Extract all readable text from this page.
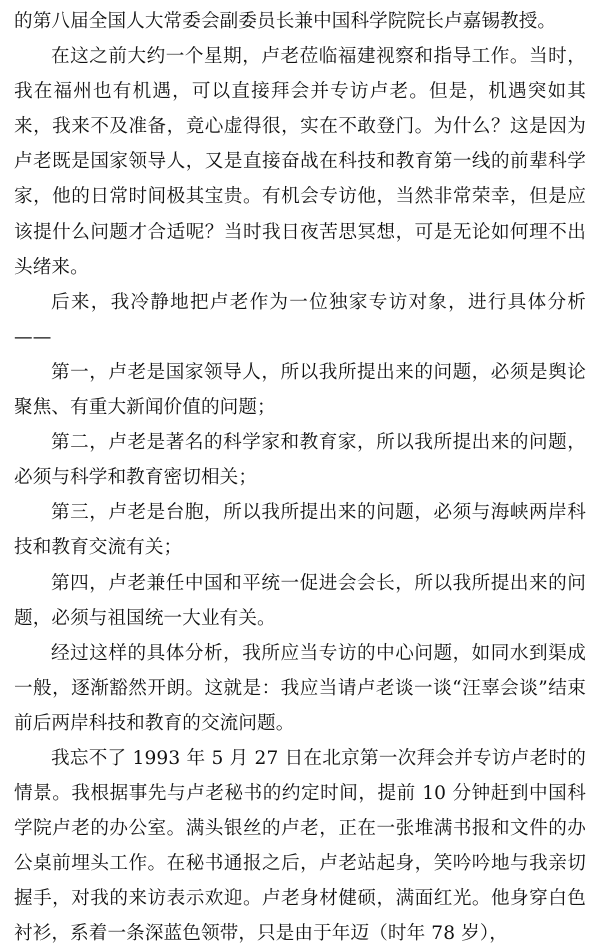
的第八届全国人大常委会副委员长兼中国科学院院长卢嘉锡教授。

在这之前大约一个星期，卢老莅临福建视察和指导工作。当时，我在福州也有机遇，可以直接拜会并专访卢老。但是，机遇突如其来，我来不及准备，竟心虚得很，实在不敢登门。为什么？这是因为卢老既是国家领导人，又是直接奋战在科技和教育第一线的前辈科学家，他的日常时间极其宝贵。有机会专访他，当然非常荣幸，但是应该提什么问题才合适呢？当时我日夜苦思冥想，可是无论如何理不出头绪来。

后来，我冷静地把卢老作为一位独家专访对象，进行具体分析——

第一，卢老是国家领导人，所以我所提出来的问题，必须是舆论聚焦、有重大新闻价值的问题；

第二，卢老是著名的科学家和教育家，所以我所提出来的问题，必须与科学和教育密切相关；

第三，卢老是台胞，所以我所提出来的问题，必须与海峡两岸科技和教育交流有关；

第四，卢老兼任中国和平统一促进会会长，所以我所提出来的问题，必须与祖国统一大业有关。

经过这样的具体分析，我所应当专访的中心问题，如同水到渠成一般，逐渐豁然开朗。这就是：我应当请卢老谈一谈“汪辜会谈”结束前后两岸科技和教育的交流问题。

我忘不了 1993 年 5 月 27 日在北京第一次拜会并专访卢老时的情景。我根据事先与卢老秘书的约定时间，提前 10 分钟赶到中国科学院卢老的办公室。满头银丝的卢老，正在一张堆满书报和文件的办公桌前埋头工作。在秘书通报之后，卢老站起身，笑吟吟地与我亲切握手，对我的来访表示欢迎。卢老身材健硕，满面红光。他身穿白色衬衫，系着一条深蓝色领带，只是由于年迈（时年 78 岁），
